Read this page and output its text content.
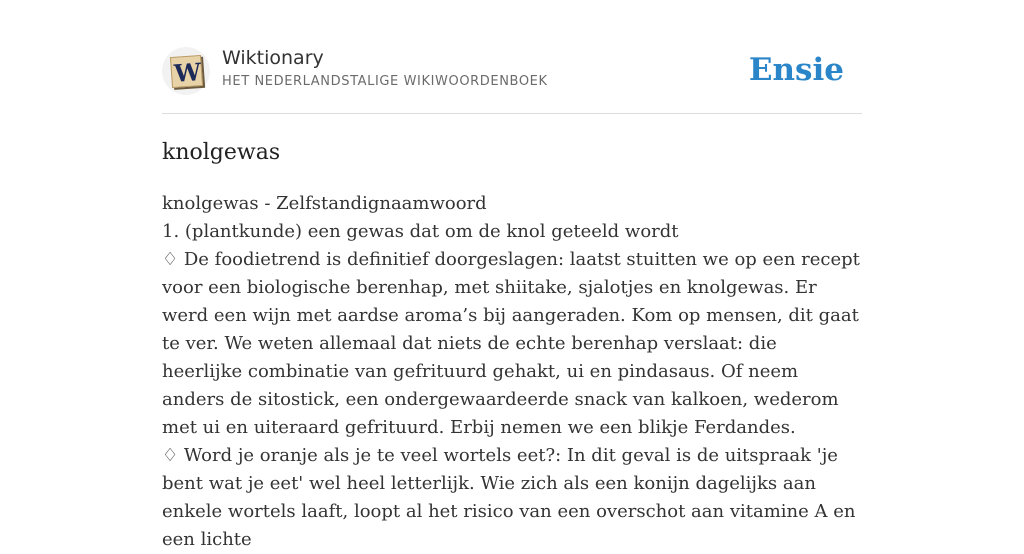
W Wiktionary
HET NEDERLANDSTALIGE WIKIWOORDENBOEK	Ensie
knolgewas

knolgewas - Zelfstandignaamwoord

1. (plantkunde) een gewas dat om de knol geteeld wordt

♢ De foodietrend is definitief doorgeslagen: laatst stuitten we op een recept voor een biologische berenhap, met shiitake, sjalotjes en knolgewas. Er werd een wijn met aardse aroma’s bij aangeraden. Kom op mensen, dit gaat te ver. We weten allemaal dat niets de echte berenhap verslaat: die heerlijke combinatie van gefrituurd gehakt, ui en pindasaus. Of neem anders de sitostick, een ondergewaardeerde snack van kalkoen, wederom met ui en uiteraard gefrituurd. Erbij nemen we een blikje Ferdandes.

♢ Word je oranje als je te veel wortels eet?: In dit geval is de uitspraak 'je bent wat je eet' wel heel letterlijk. Wie zich als een konijn dagelijks aan enkele wortels laaft, loopt al het risico van een overschot aan vitamine A en een lichte
